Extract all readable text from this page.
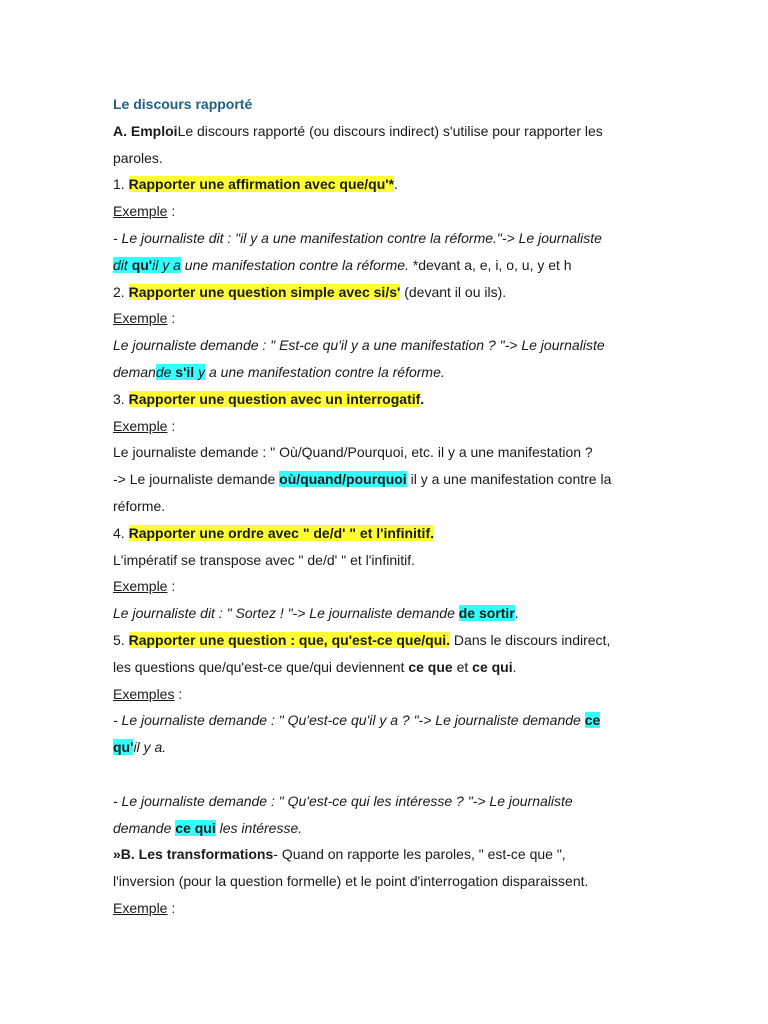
Le discours rapporté
A. EmploiLe discours rapporté (ou discours indirect) s'utilise pour rapporter les
paroles.
1. Rapporter une affirmation avec que/qu'*.
Exemple :
- Le journaliste dit : "il y a une manifestation contre la réforme."-> Le journaliste
dit qu'il y a une manifestation contre la réforme. *devant a, e, i, o, u, y et h
2. Rapporter une question simple avec si/s' (devant il ou ils).
Exemple :
Le journaliste demande : " Est-ce qu'il y a une manifestation ? "-> Le journaliste
demande s'il y a une manifestation contre la réforme.
3. Rapporter une question avec un interrogatif.
Exemple :
Le journaliste demande : " Où/Quand/Pourquoi, etc. il y a une manifestation ?
-> Le journaliste demande où/quand/pourquoi il y a une manifestation contre la
réforme.
4. Rapporter une ordre avec " de/d' " et l'infinitif.
L'impératif se transpose avec " de/d' " et l'infinitif.
Exemple :
Le journaliste dit : " Sortez ! "-> Le journaliste demande de sortir.
5. Rapporter une question : que, qu'est-ce que/qui. Dans le discours indirect,
les questions que/qu'est-ce que/qui deviennent ce que et ce qui.
Exemples :
- Le journaliste demande : " Qu'est-ce qu'il y a ? "-> Le journaliste demande ce
qu'il y a.
- Le journaliste demande : " Qu'est-ce qui les intéresse ? "-> Le journaliste
demande ce qui les intéresse.
»B. Les transformations- Quand on rapporte les paroles, " est-ce que ",
l'inversion (pour la question formelle) et le point d'interrogation disparaissent.
Exemple :
